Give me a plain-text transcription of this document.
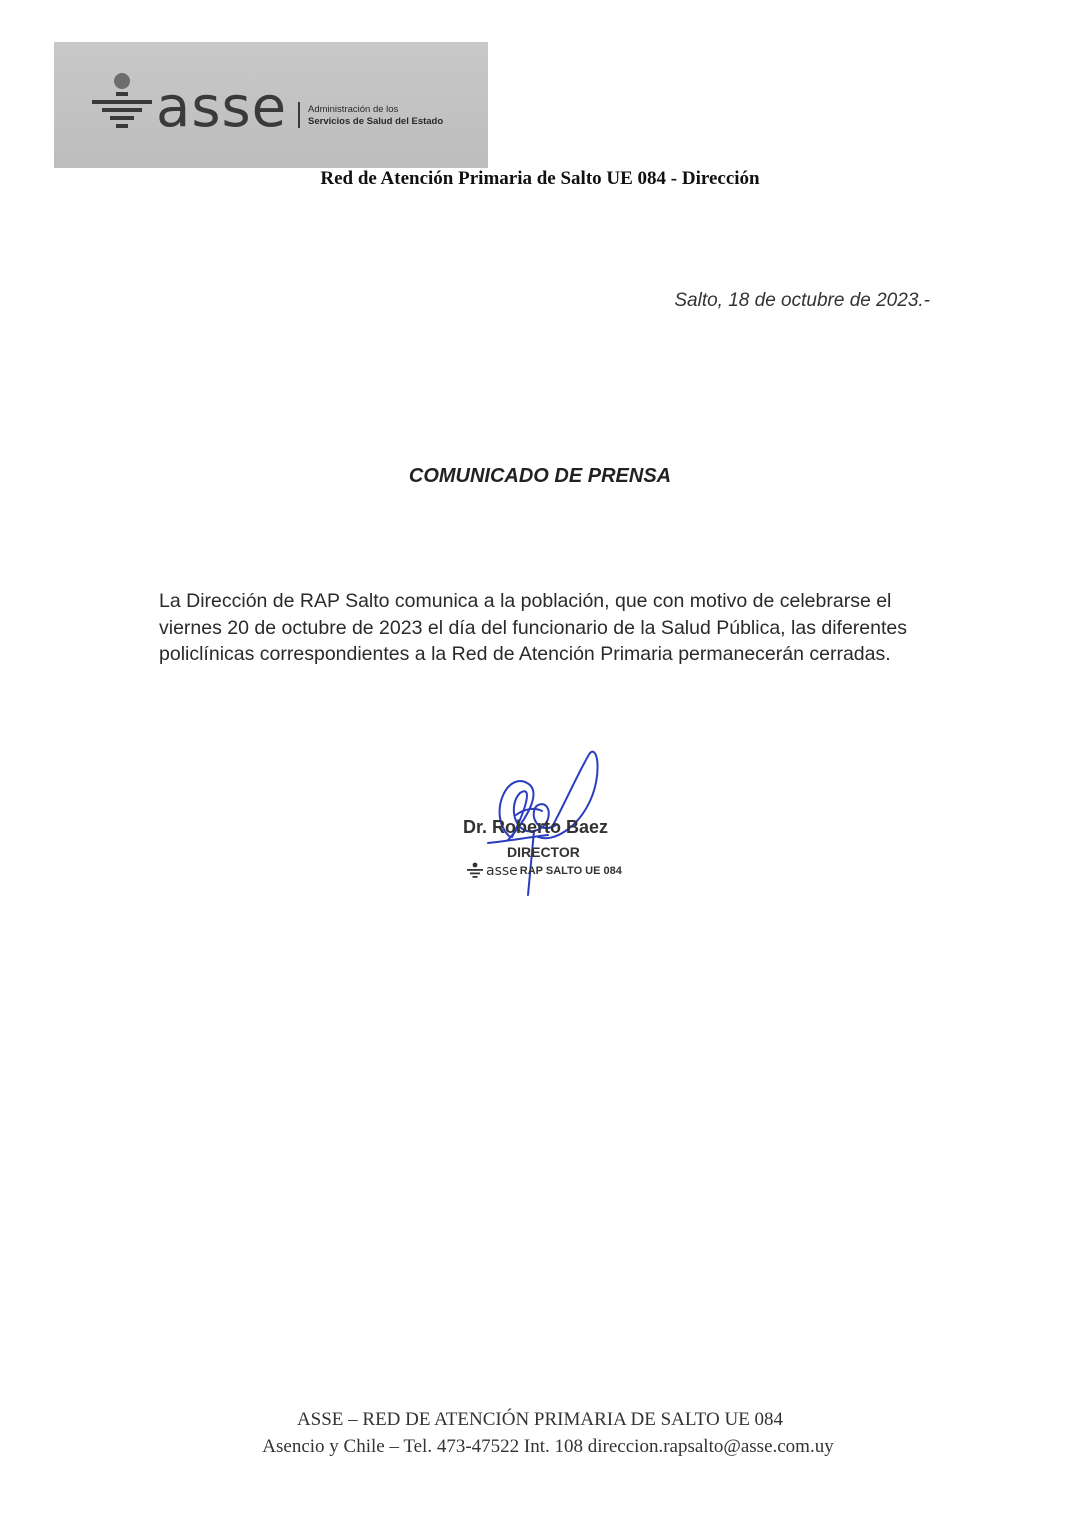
asse Administración de los
Servicios de Salud del Estado
Red de Atención Primaria de Salto UE 084 - Dirección
Salto, 18 de octubre de 2023.-
COMUNICADO DE PRENSA
La Dirección de RAP Salto comunica a la población, que con motivo de celebrarse el viernes 20 de octubre de 2023 el día del funcionario de la Salud Pública, las diferentes policlínicas correspondientes a la Red de Atención Primaria permanecerán cerradas.
Dr. Roberto Baez
DIRECTOR
asse RAP SALTO UE 084
ASSE – RED DE ATENCIÓN PRIMARIA DE SALTO UE 084
Asencio y Chile – Tel. 473-47522 Int. 108 direccion.rapsalto@asse.com.uy
